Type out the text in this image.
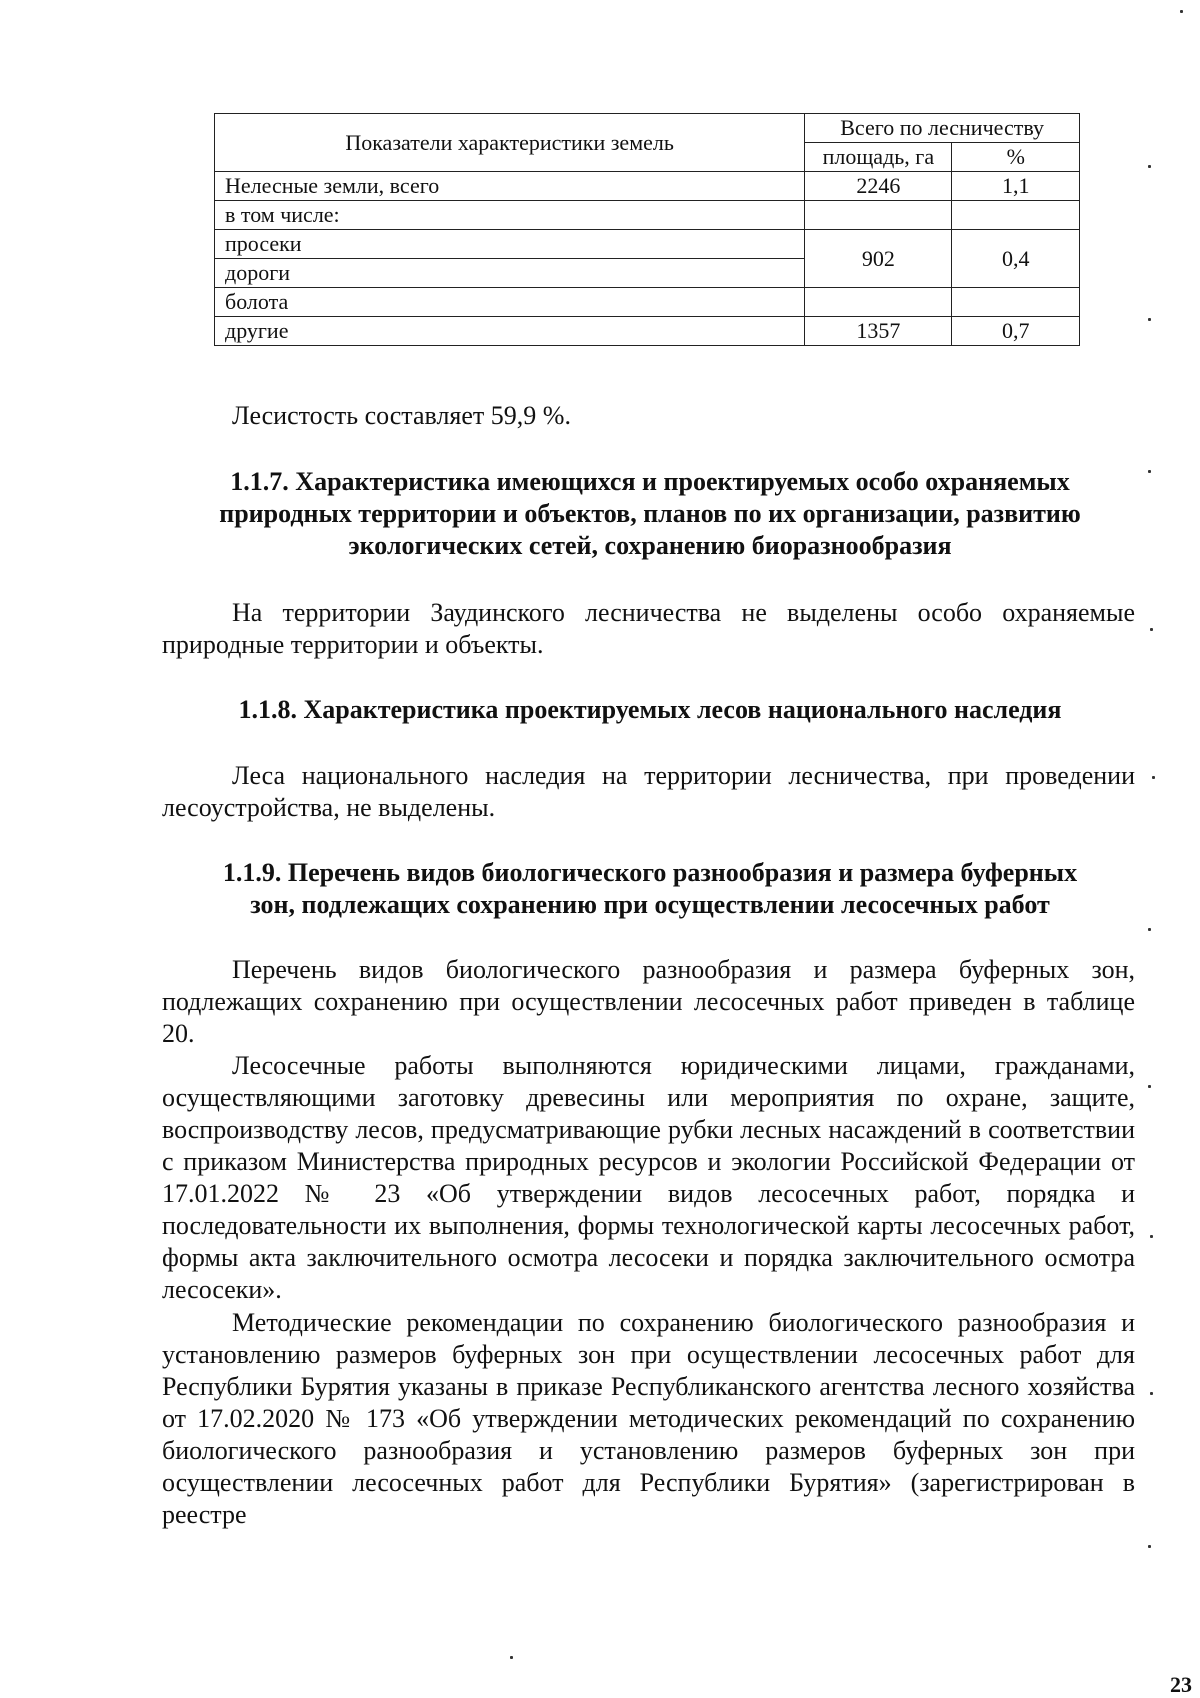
Показатели характеристики земель	Всего по лесничеству	
	площадь, га	%
Нелесные земли, всего	2246	1,1
в том числе:		
просеки	902	0,4
дороги		
болота		
другие	1357	0,7
Лесистость составляет 59,9 %.
1.1.7. Характеристика имеющихся и проектируемых особо охраняемых
природных территории и объектов, планов по их организации, развитию
экологических сетей, сохранению биоразнообразия
На территории Заудинского лесничества не выделены особо охраняемые природные территории и объекты.
1.1.8. Характеристика проектируемых лесов национального наследия
Леса национального наследия на территории лесничества, при проведении лесоустройства, не выделены.
1.1.9. Перечень видов биологического разнообразия и размера буферных
зон, подлежащих сохранению при осуществлении лесосечных работ
Перечень видов биологического разнообразия и размера буферных зон, подлежащих сохранению при осуществлении лесосечных работ приведен в таблице 20.
Лесосечные работы выполняются юридическими лицами, гражданами, осуществляющими заготовку древесины или мероприятия по охране, защите, воспроизводству лесов, предусматривающие рубки лесных насаждений в соответствии с приказом Министерства природных ресурсов и экологии Российской Федерации от 17.01.2022 № 23 «Об утверждении видов лесосечных работ, порядка и последовательности их выполнения, формы технологической карты лесосечных работ, формы акта заключительного осмотра лесосеки и порядка заключительного осмотра лесосеки».
Методические рекомендации по сохранению биологического разнообразия и установлению размеров буферных зон при осуществлении лесосечных работ для Республики Бурятия указаны в приказе Республиканского агентства лесного хозяйства от 17.02.2020 № 173 «Об утверждении методических рекомендаций по сохранению биологического разнообразия и установлению размеров буферных зон при осуществлении лесосечных работ для Республики Бурятия» (зарегистрирован в реестре
23
